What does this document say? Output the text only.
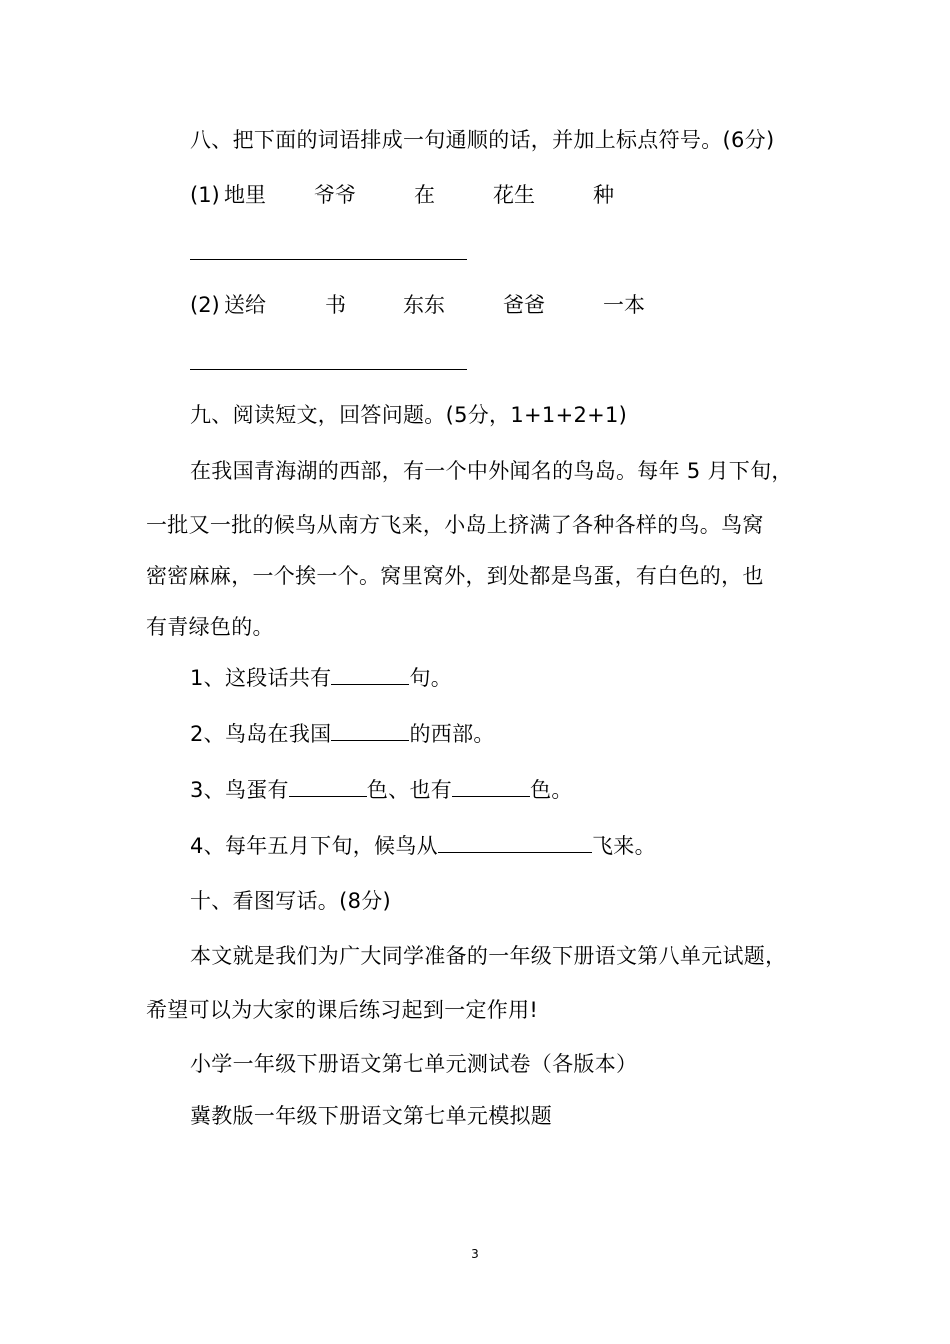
八、把下面的词语排成一句通顺的话，并加上标点符号。(6分)
(1) 地里 爷爷	在	花生	种
(2) 送给	书	东东	爸爸	一本
九、阅读短文，回答问题。(5分，1+1+2+1)
在我国青海湖的西部，有一个中外闻名的鸟岛。每年 5 月下旬，
一批又一批的候鸟从南方飞来，小岛上挤满了各种各样的鸟。鸟窝
密密麻麻，一个挨一个。窝里窝外，到处都是鸟蛋，有白色的，也
有青绿色的。
1、这段话共有	句。
2、鸟岛在我国	的西部。
3、鸟蛋有	色、也有	色。
4、每年五月下旬，候鸟从	飞来。
十、看图写话。(8分)
本文就是我们为广大同学准备的一年级下册语文第八单元试题，
希望可以为大家的课后练习起到一定作用!
小学一年级下册语文第七单元测试卷（各版本）
冀教版一年级下册语文第七单元模拟题
3
